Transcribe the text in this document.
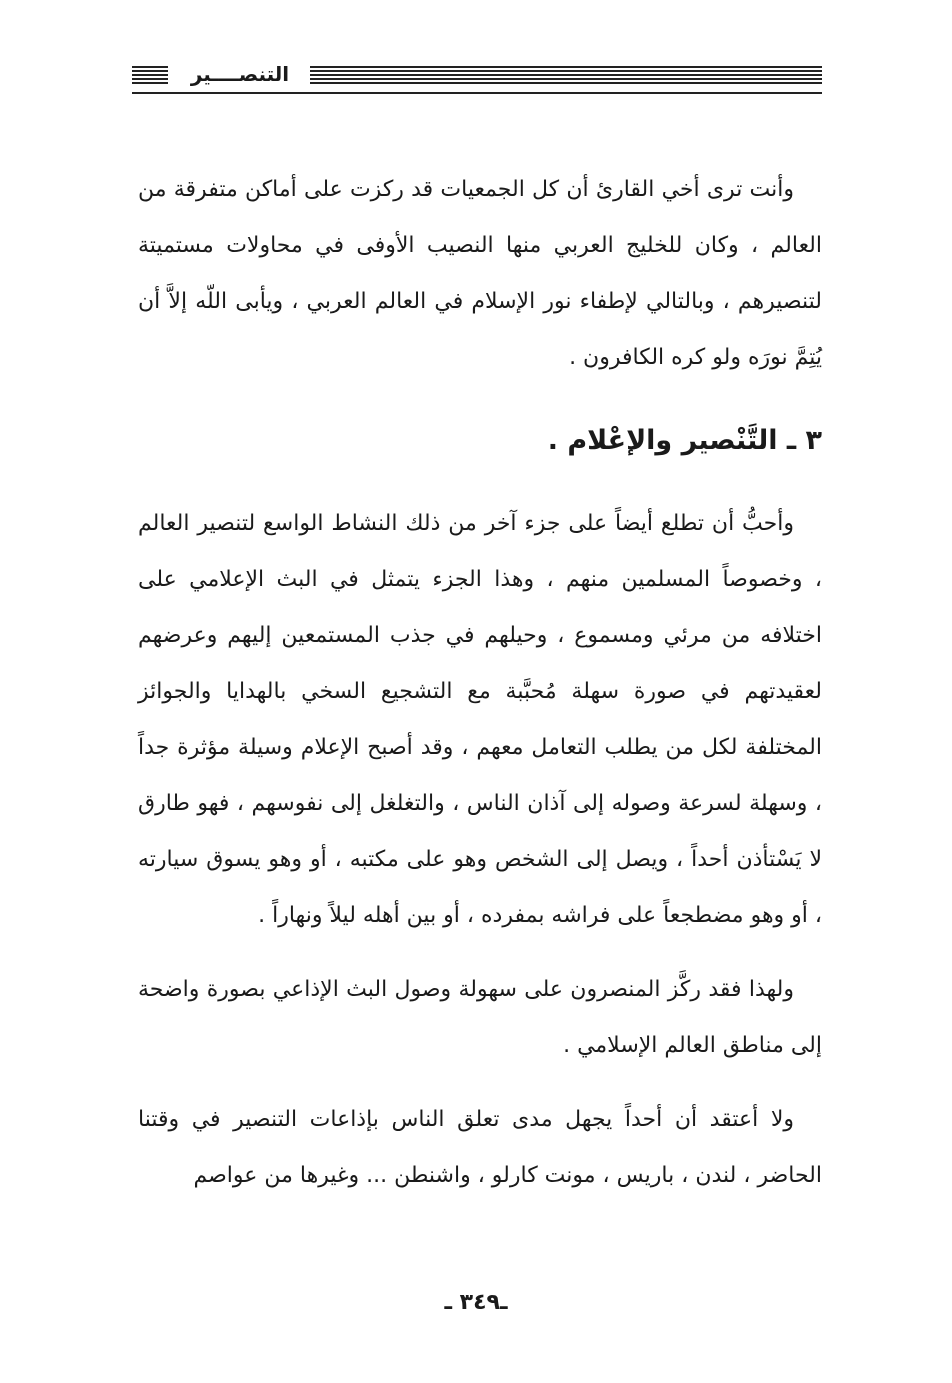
التنصــــير

وأنت ترى أخي القارئ أن كل الجمعيات قد ركزت على أماكن متفرقة من العالم ، وكان للخليج العربي منها النصيب الأوفى في محاولات مستميتة لتنصيرهم ، وبالتالي لإطفاء نور الإسلام في العالم العربي ، ويأبى اللّه إلاَّ أن يُتِمَّ نورَه ولو كره الكافرون .

٣ ـ التَّنْصير والإعْلام .

وأحبُّ أن تطلع أيضاً على جزء آخر من ذلك النشاط الواسع لتنصير العالم ، وخصوصاً المسلمين منهم ، وهذا الجزء يتمثل في البث الإعلامي على اختلافه من مرئي ومسموع ، وحيلهم في جذب المستمعين إليهم وعرضهم لعقيدتهم في صورة سهلة مُحبَّبة مع التشجيع السخي بالهدايا والجوائز المختلفة لكل من يطلب التعامل معهم ، وقد أصبح الإعلام وسيلة مؤثرة جداً ، وسهلة لسرعة وصوله إلى آذان الناس ، والتغلغل إلى نفوسهم ، فهو طارق لا يَسْتأذن أحداً ، ويصل إلى الشخص وهو على مكتبه ، أو وهو يسوق سيارته ، أو وهو مضطجعاً على فراشه بمفرده ، أو بين أهله ليلاً ونهاراً .

ولهذا فقد ركَّز المنصرون على سهولة وصول البث الإذاعي بصورة واضحة إلى مناطق العالم الإسلامي .

ولا أعتقد أن أحداً يجهل مدى تعلق الناس بإذاعات التنصير في وقتنا الحاضر ، لندن ، باريس ، مونت كارلو ، واشنطن ... وغيرها من عواصم

ـ٣٤٩ ـ
